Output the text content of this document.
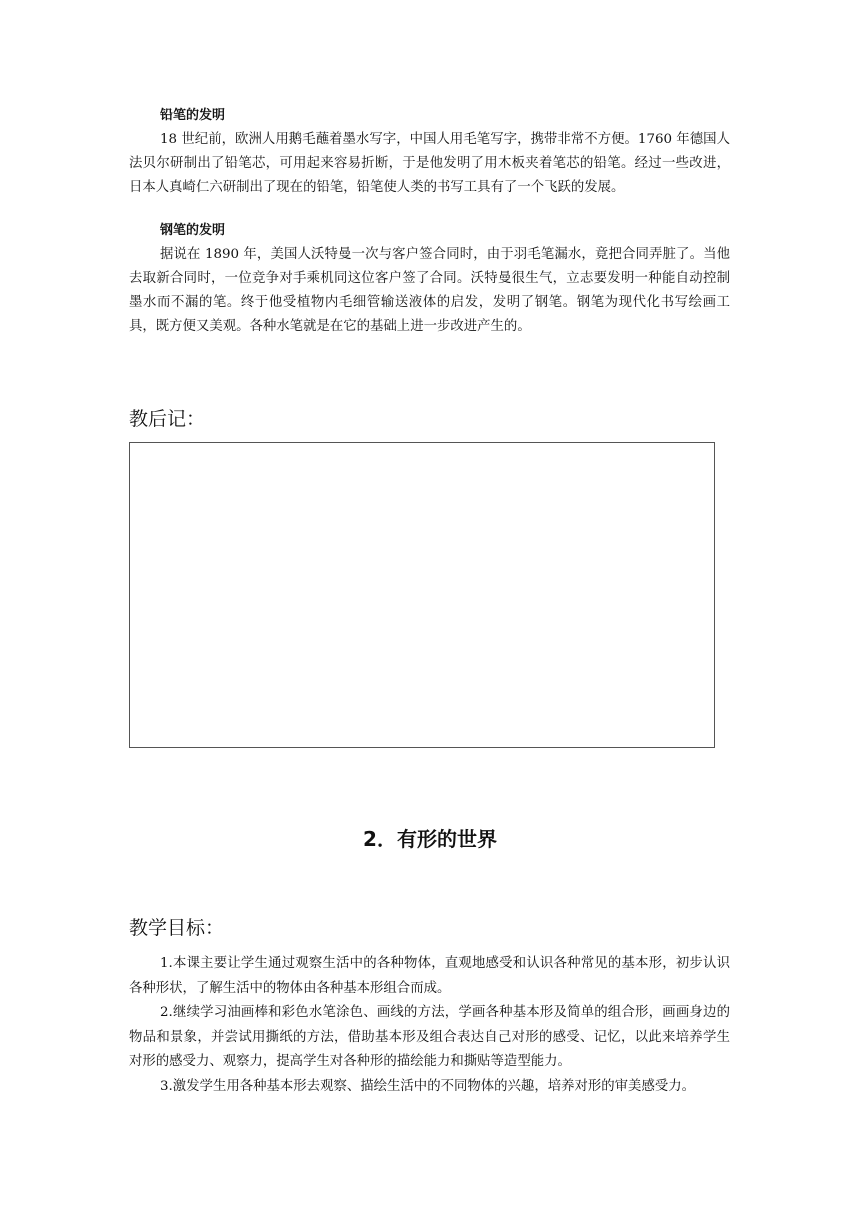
铅笔的发明

18 世纪前，欧洲人用鹅毛蘸着墨水写字，中国人用毛笔写字，携带非常不方便。1760 年德国人法贝尔研制出了铅笔芯，可用起来容易折断，于是他发明了用木板夹着笔芯的铅笔。经过一些改进，日本人真崎仁六研制出了现在的铅笔，铅笔使人类的书写工具有了一个飞跃的发展。

钢笔的发明

据说在 1890 年，美国人沃特曼一次与客户签合同时，由于羽毛笔漏水，竟把合同弄脏了。当他去取新合同时，一位竞争对手乘机同这位客户签了合同。沃特曼很生气，立志要发明一种能自动控制墨水而不漏的笔。终于他受植物内毛细管输送液体的启发，发明了钢笔。钢笔为现代化书写绘画工具，既方便又美观。各种水笔就是在它的基础上进一步改进产生的。

教后记：
2．有形的世界
教学目标：

1.本课主要让学生通过观察生活中的各种物体，直观地感受和认识各种常见的基本形，初步认识各种形状，了解生活中的物体由各种基本形组合而成。

2.继续学习油画棒和彩色水笔涂色、画线的方法，学画各种基本形及简单的组合形，画画身边的物品和景象，并尝试用撕纸的方法，借助基本形及组合表达自己对形的感受、记忆，以此来培养学生对形的感受力、观察力，提高学生对各种形的描绘能力和撕贴等造型能力。

3.激发学生用各种基本形去观察、描绘生活中的不同物体的兴趣，培养对形的审美感受力。
